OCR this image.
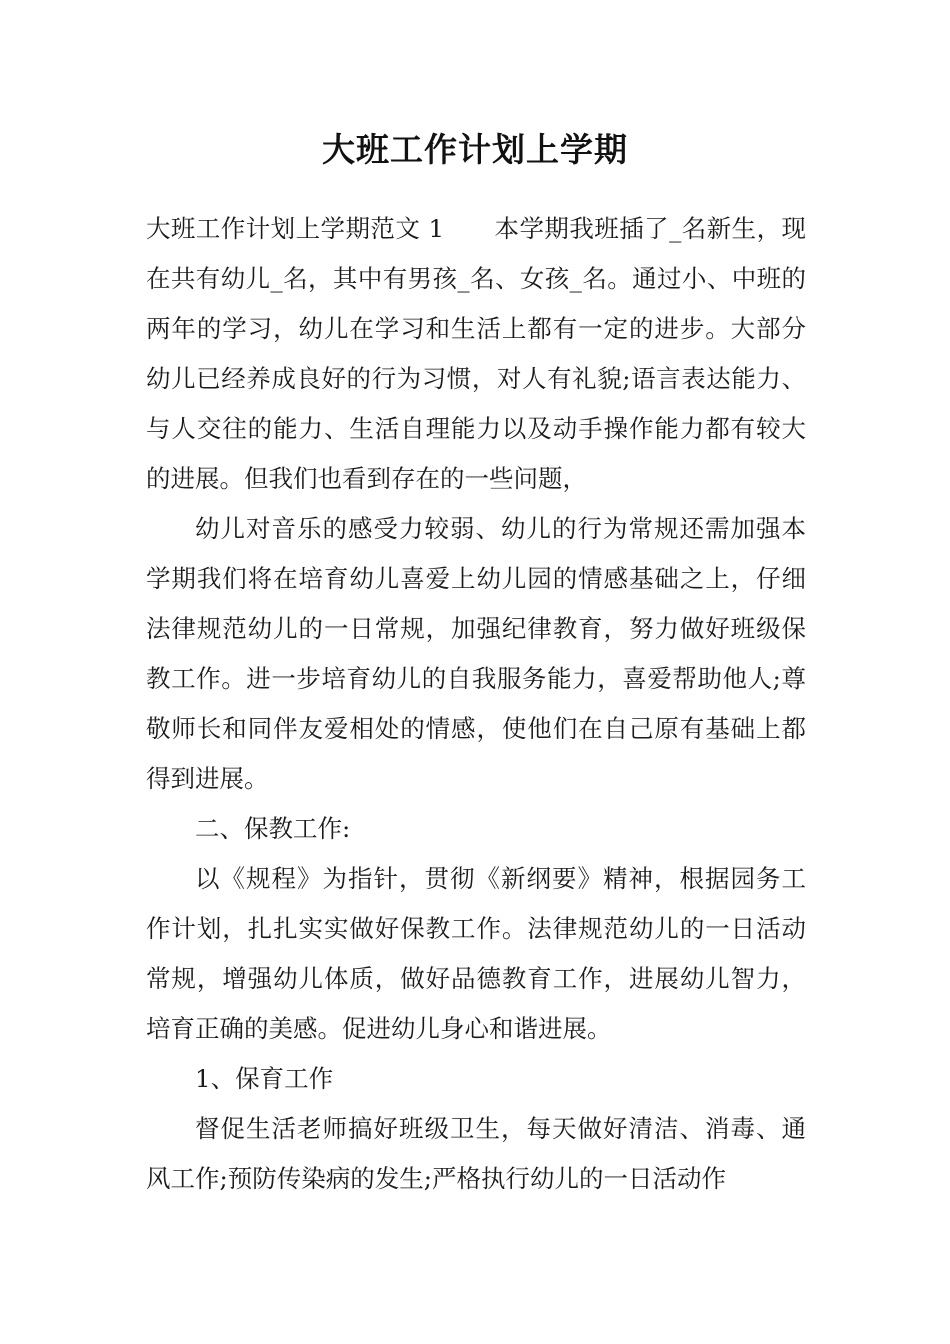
大班工作计划上学期

大班工作计划上学期范文 1 本学期我班插了_名新生，现在共有幼儿_名，其中有男孩_名、女孩_名。通过小、中班的两年的学习，幼儿在学习和生活上都有一定的进步。大部分幼儿已经养成良好的行为习惯，对人有礼貌;语言表达能力、与人交往的能力、生活自理能力以及动手操作能力都有较大的进展。但我们也看到存在的一些问题，

幼儿对音乐的感受力较弱、幼儿的行为常规还需加强本学期我们将在培育幼儿喜爱上幼儿园的情感基础之上，仔细法律规范幼儿的一日常规，加强纪律教育，努力做好班级保教工作。进一步培育幼儿的自我服务能力，喜爱帮助他人;尊敬师长和同伴友爱相处的情感，使他们在自己原有基础上都得到进展。

二、保教工作:

以《规程》为指针，贯彻《新纲要》精神，根据园务工作计划，扎扎实实做好保教工作。法律规范幼儿的一日活动常规，增强幼儿体质，做好品德教育工作，进展幼儿智力，培育正确的美感。促进幼儿身心和谐进展。

1、保育工作

督促生活老师搞好班级卫生，每天做好清洁、消毒、通风工作;预防传染病的发生;严格执行幼儿的一日活动作
